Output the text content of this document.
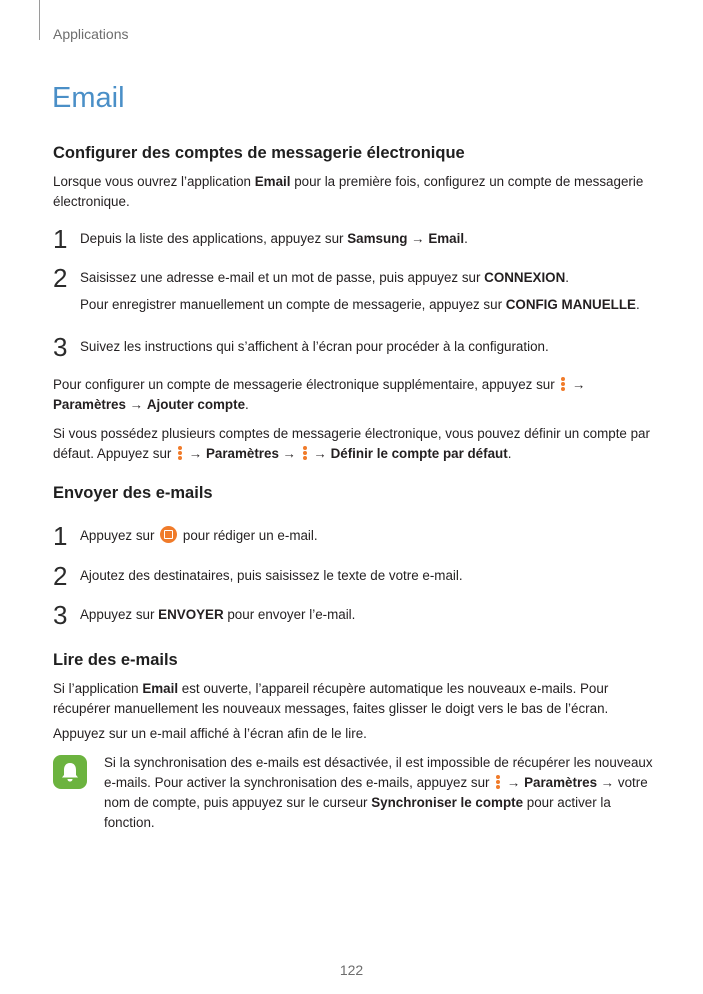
Applications
Email
Configurer des comptes de messagerie électronique
Lorsque vous ouvrez l’application Email pour la première fois, configurez un compte de messagerie
électronique.
1 Depuis la liste des applications, appuyez sur Samsung → Email.
2 Saisissez une adresse e-mail et un mot de passe, puis appuyez sur CONNEXION.
Pour enregistrer manuellement un compte de messagerie, appuyez sur CONFIG MANUELLE.
3 Suivez les instructions qui s’affichent à l’écran pour procéder à la configuration.
Pour configurer un compte de messagerie électronique supplémentaire, appuyez sur
→
Paramètres → Ajouter compte.
Si vous possédez plusieurs comptes de messagerie électronique, vous pouvez définir un compte par
défaut. Appuyez sur
→ Paramètres →
→ Définir le compte par défaut.
Envoyer des e-mails
1 Appuyez sur  pour rédiger un e-mail.
2 Ajoutez des destinataires, puis saisissez le texte de votre e-mail.
3 Appuyez sur ENVOYER pour envoyer l’e-mail.
Lire des e-mails
Si l’application Email est ouverte, l’appareil récupère automatique les nouveaux e-mails. Pour
récupérer manuellement les nouveaux messages, faites glisser le doigt vers le bas de l’écran.
Appuyez sur un e-mail affiché à l’écran afin de le lire.
Si la synchronisation des e-mails est désactivée, il est impossible de récupérer les nouveaux
e-mails. Pour activer la synchronisation des e-mails, appuyez sur
→ Paramètres → votre
nom de compte, puis appuyez sur le curseur Synchroniser le compte pour activer la
fonction.
122
